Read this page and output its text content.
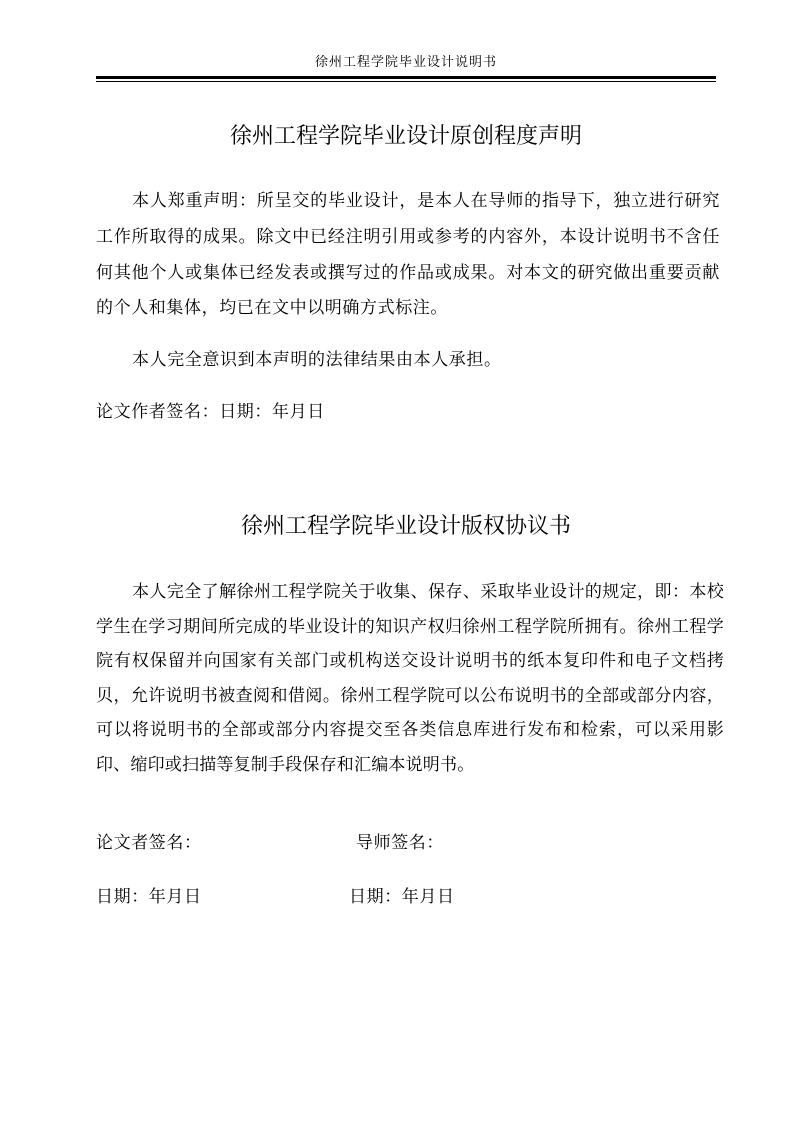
徐州工程学院毕业设计说明书
徐州工程学院毕业设计原创程度声明
本人郑重声明：所呈交的毕业设计，是本人在导师的指导下，独立进行研究工作所取得的成果。除文中已经注明引用或参考的内容外，本设计说明书不含任何其他个人或集体已经发表或撰写过的作品或成果。对本文的研究做出重要贡献的个人和集体，均已在文中以明确方式标注。
本人完全意识到本声明的法律结果由本人承担。
论文作者签名：日期：年月日
徐州工程学院毕业设计版权协议书
本人完全了解徐州工程学院关于收集、保存、采取毕业设计的规定，即：本校学生在学习期间所完成的毕业设计的知识产权归徐州工程学院所拥有。徐州工程学院有权保留并向国家有关部门或机构送交设计说明书的纸本复印件和电子文档拷贝，允许说明书被查阅和借阅。徐州工程学院可以公布说明书的全部或部分内容，可以将说明书的全部或部分内容提交至各类信息库进行发布和检索，可以采用影印、缩印或扫描等复制手段保存和汇编本说明书。
论文者签名：	导师签名：
日期：年月日	日期：年月日
